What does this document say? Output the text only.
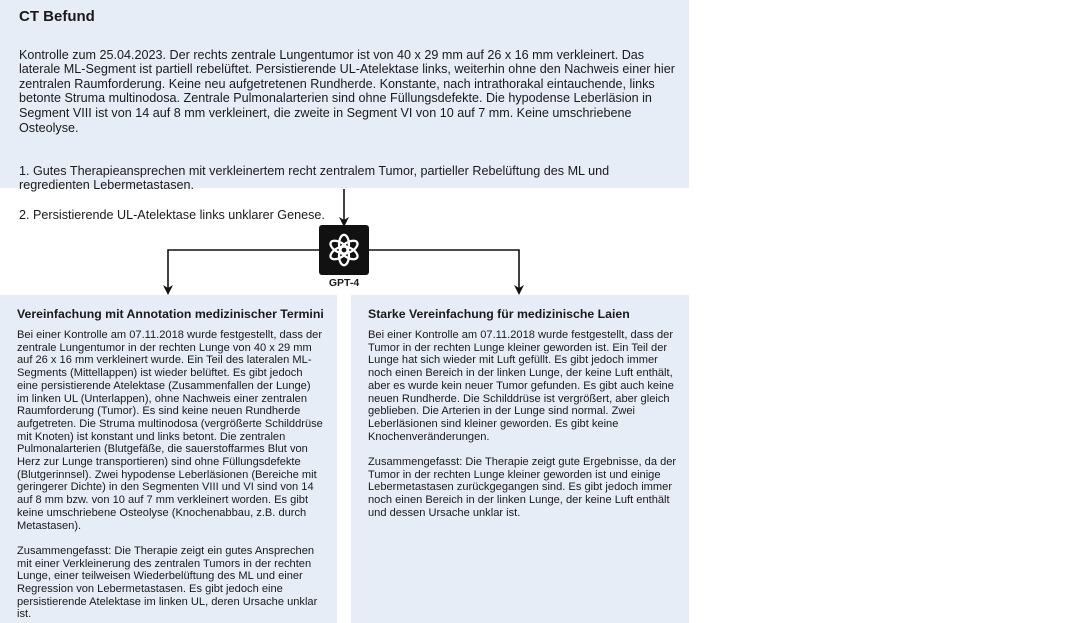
CT Befund

Kontrolle zum 25.04.2023. Der rechts zentrale Lungentumor ist von 40 x 29 mm auf 26 x 16 mm verkleinert. Das laterale ML-Segment ist partiell rebelüftet. Persistierende UL-Atelektase links, weiterhin ohne den Nachweis einer hier zentralen Raumforderung. Keine neu aufgetretenen Rundherde. Konstante, nach intrathorakal eintauchende, links betonte Struma multinodosa. Zentrale Pulmonalarterien sind ohne Füllungsdefekte. Die hypodense Leberläsion in Segment VIII ist von 14 auf 8 mm verkleinert, die zweite in Segment VI von 10 auf 7 mm. Keine umschriebene Osteolyse.

1. Gutes Therapieansprechen mit verkleinertem recht zentralem Tumor, partieller Rebelüftung des ML und regredienten Lebermetastasen.

2. Persistierende UL-Atelektase links unklarer Genese.

GPT-4
Vereinfachung mit Annotation medizinischer Termini

Bei einer Kontrolle am 07.11.2018 wurde festgestellt, dass der zentrale Lungentumor in der rechten Lunge von 40 x 29 mm auf 26 x 16 mm verkleinert wurde. Ein Teil des lateralen ML-Segments (Mittellappen) ist wieder belüftet. Es gibt jedoch eine persistierende Atelektase (Zusammenfallen der Lunge) im linken UL (Unterlappen), ohne Nachweis einer zentralen Raumforderung (Tumor). Es sind keine neuen Rundherde aufgetreten. Die Struma multinodosa (vergrößerte Schilddrüse mit Knoten) ist konstant und links betont. Die zentralen Pulmonalarterien (Blutgefäße, die sauerstoffarmes Blut von Herz zur Lunge transportieren) sind ohne Füllungsdefekte (Blutgerinnsel). Zwei hypodense Leberläsionen (Bereiche mit geringerer Dichte) in den Segmenten VIII und VI sind von 14 auf 8 mm bzw. von 10 auf 7 mm verkleinert worden. Es gibt keine umschriebene Osteolyse (Knochenabbau, z.B. durch Metastasen).

Zusammengefasst: Die Therapie zeigt ein gutes Ansprechen mit einer Verkleinerung des zentralen Tumors in der rechten Lunge, einer teilweisen Wiederbelüftung des ML und einer Regression von Lebermetastasen. Es gibt jedoch eine persistierende Atelektase im linken UL, deren Ursache unklar ist.

Starke Vereinfachung für medizinische Laien

Bei einer Kontrolle am 07.11.2018 wurde festgestellt, dass der Tumor in der rechten Lunge kleiner geworden ist. Ein Teil der Lunge hat sich wieder mit Luft gefüllt. Es gibt jedoch immer noch einen Bereich in der linken Lunge, der keine Luft enthält, aber es wurde kein neuer Tumor gefunden. Es gibt auch keine neuen Rundherde. Die Schilddrüse ist vergrößert, aber gleich geblieben. Die Arterien in der Lunge sind normal. Zwei Leberläsionen sind kleiner geworden. Es gibt keine Knochenveränderungen.

Zusammengefasst: Die Therapie zeigt gute Ergebnisse, da der Tumor in der rechten Lunge kleiner geworden ist und einige Lebermetastasen zurückgegangen sind. Es gibt jedoch immer noch einen Bereich in der linken Lunge, der keine Luft enthält und dessen Ursache unklar ist.
